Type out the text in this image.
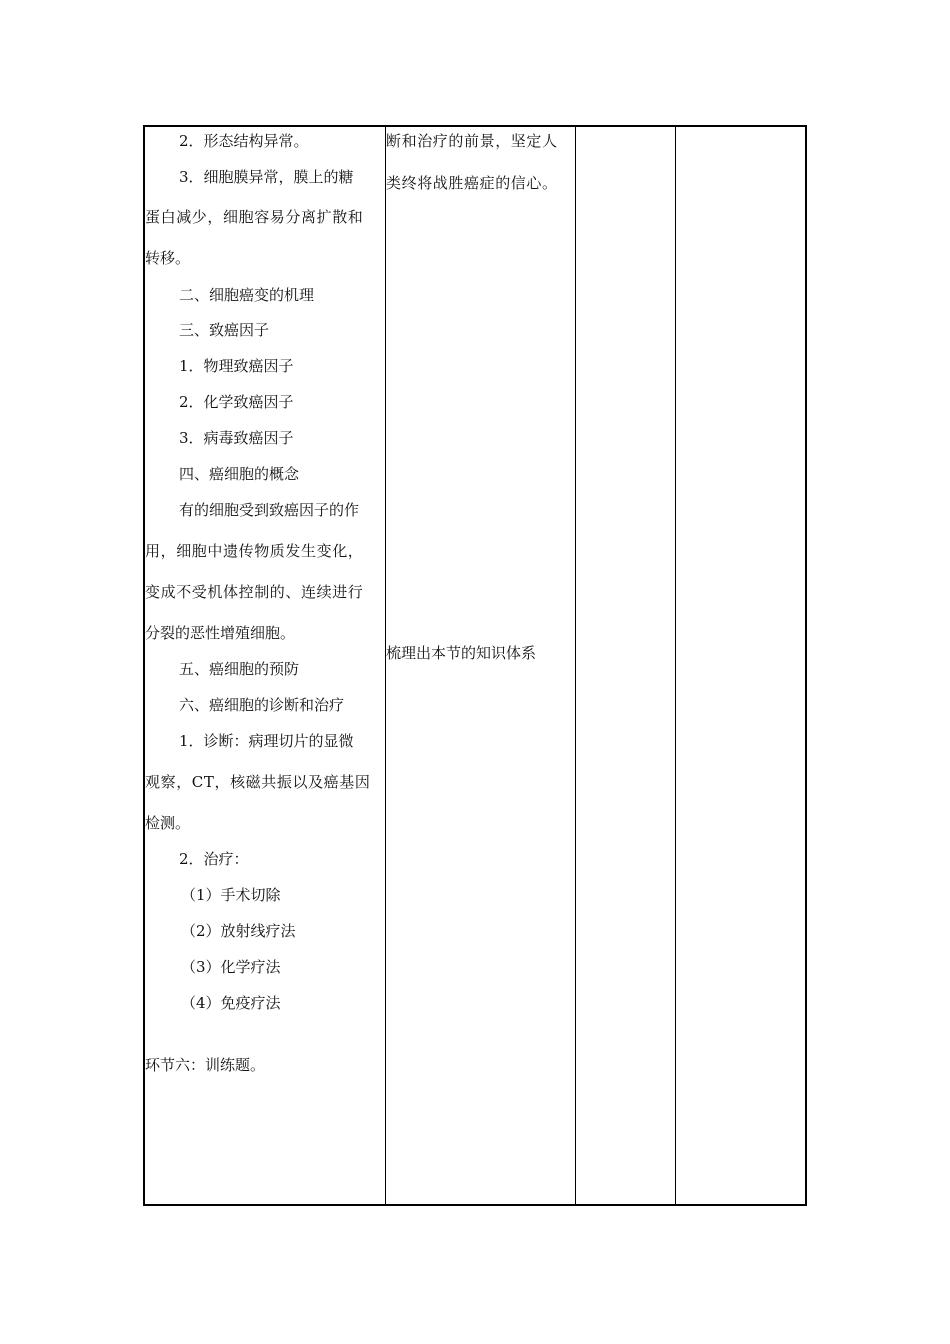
2．形态结构异常。
3．细胞膜异常，膜上的糖
蛋白减少，细胞容易分离扩散和
转移。
二、细胞癌变的机理
三、致癌因子
1．物理致癌因子
2．化学致癌因子
3．病毒致癌因子
四、癌细胞的概念
有的细胞受到致癌因子的作
用，细胞中遗传物质发生变化，
变成不受机体控制的、连续进行
分裂的恶性增殖细胞。
五、癌细胞的预防
六、癌细胞的诊断和治疗
1．诊断：病理切片的显微
观察，CT，核磁共振以及癌基因
检测。
2．治疗：
（1）手术切除
（2）放射线疗法
（3）化学疗法
（4）免疫疗法
环节六：训练题。
断和治疗的前景，坚定人
类终将战胜癌症的信心。
梳理出本节的知识体系
